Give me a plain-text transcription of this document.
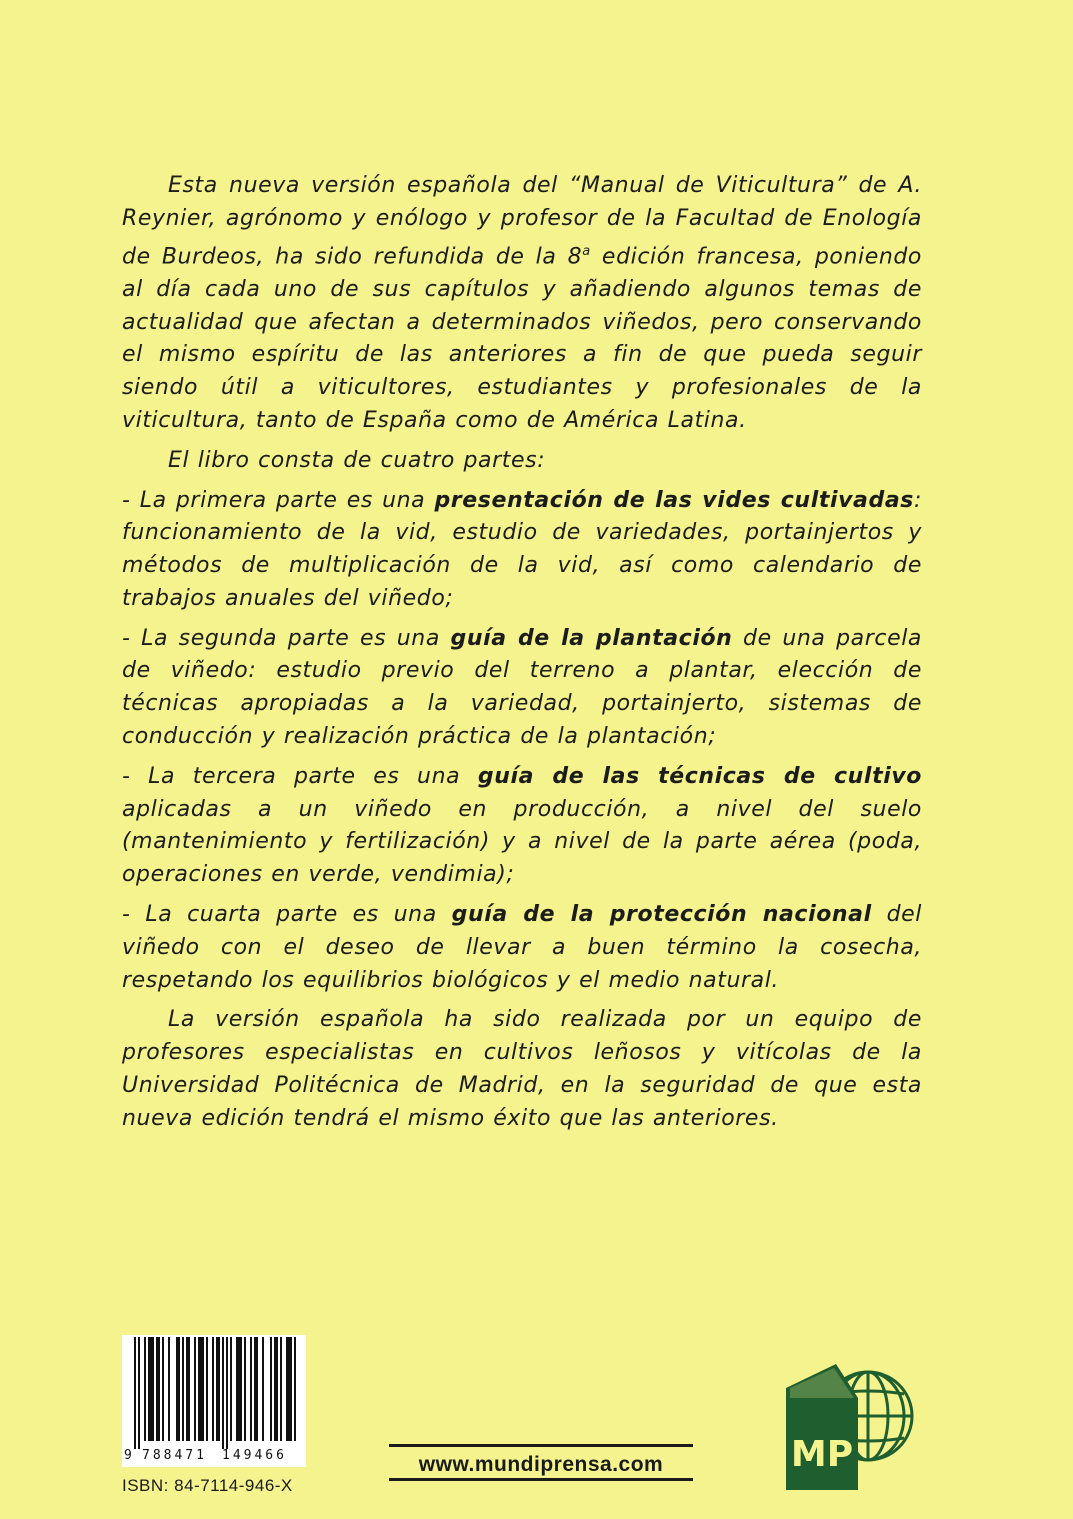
Esta nueva versión española del “Manual de Viticultura” de A. Reynier, agrónomo y enólogo y profesor de la Facultad de Enología de Burdeos, ha sido refundida de la 8$^a$ edición francesa, poniendo al día cada uno de sus capítulos y añadiendo algunos temas de actualidad que afectan a determinados viñedos, pero conservando el mismo espíritu de las anteriores a fin de que pueda seguir siendo útil a viticultores, estudiantes y profesionales de la viticultura, tanto de España como de América Latina.

El libro consta de cuatro partes:

- La primera parte es una presentación de las vides cultivadas: funcionamiento de la vid, estudio de variedades, portainjertos y métodos de multiplicación de la vid, así como calendario de trabajos anuales del viñedo;

- La segunda parte es una guía de la plantación de una parcela de viñedo: estudio previo del terreno a plantar, elección de técnicas apropiadas a la variedad, portainjerto, sistemas de conducción y realización práctica de la plantación;

- La tercera parte es una guía de las técnicas de cultivo aplicadas a un viñedo en producción, a nivel del suelo (mantenimiento y fertilización) y a nivel de la parte aérea (poda, operaciones en verde, vendimia);

- La cuarta parte es una guía de la protección nacional del viñedo con el deseo de llevar a buen término la cosecha, respetando los equilibrios biológicos y el medio natural.

La versión española ha sido realizada por un equipo de profesores especialistas en cultivos leñosos y vitícolas de la Universidad Politécnica de Madrid, en la seguridad de que esta nueva edición tendrá el mismo éxito que las anteriores.

9 788471 149466
ISBN: 84-7114-946-X
www.mundiprensa.com	MP
